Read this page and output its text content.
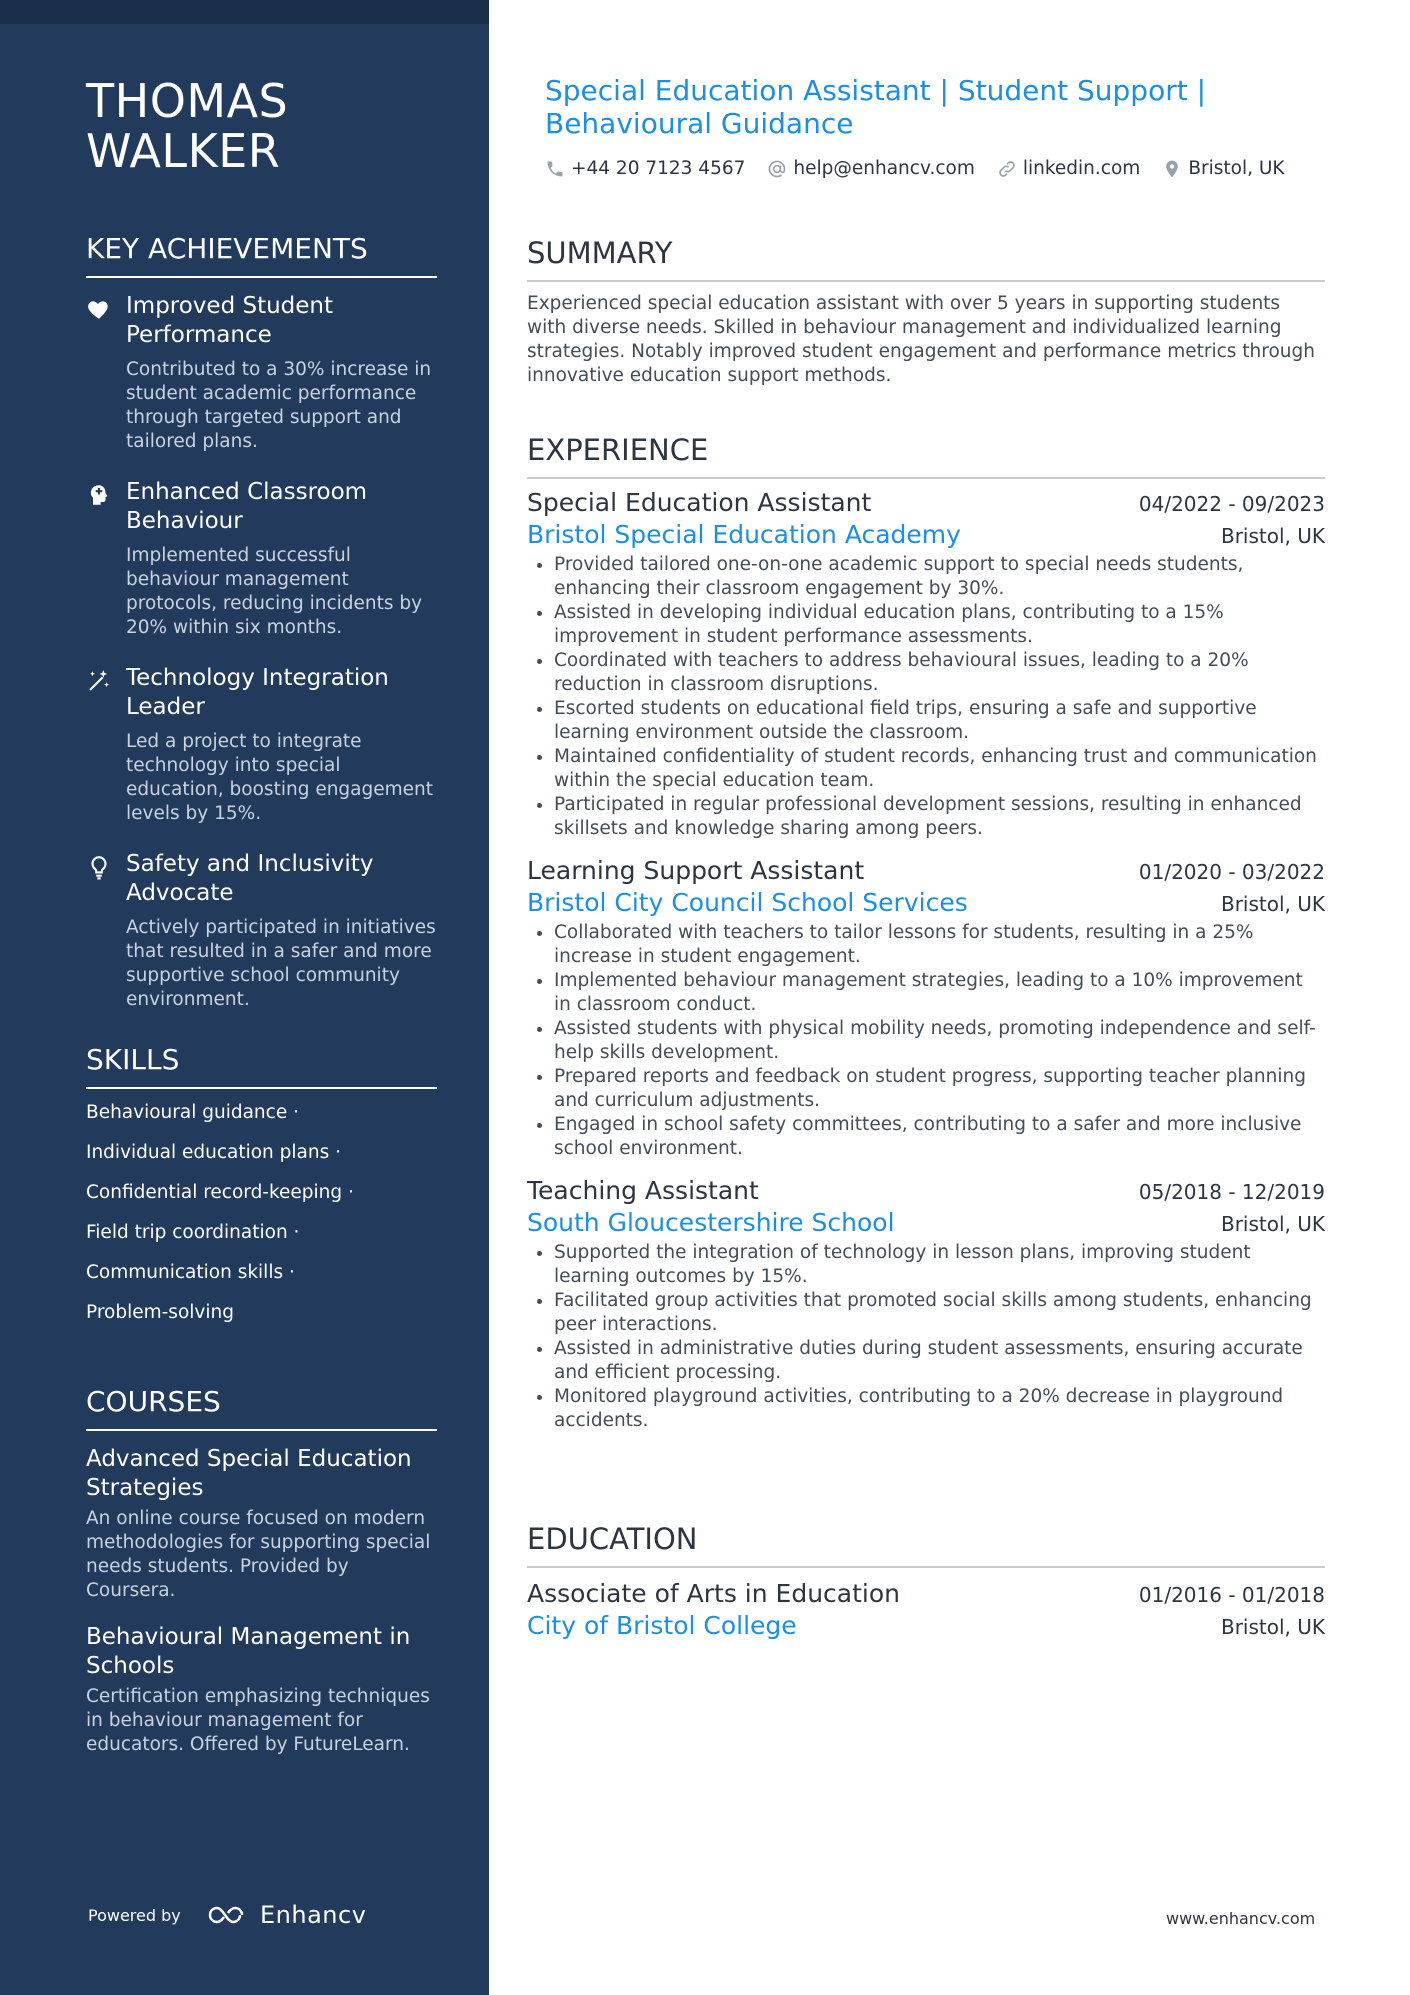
THOMAS WALKER
KEY ACHIEVEMENTS
Improved Student Performance
Contributed to a 30% increase in student academic performance through targeted support and tailored plans.
Enhanced Classroom Behaviour
Implemented successful behaviour management protocols, reducing incidents by 20% within six months.
Technology Integration Leader
Led a project to integrate technology into special education, boosting engagement levels by 15%.
Safety and Inclusivity Advocate
Actively participated in initiatives that resulted in a safer and more supportive school community environment.
SKILLS
Behavioural guidance ·
Individual education plans ·
Confidential record-keeping ·
Field trip coordination ·
Communication skills ·
Problem-solving
COURSES
Advanced Special Education Strategies
An online course focused on modern methodologies for supporting special needs students. Provided by Coursera.
Behavioural Management in Schools
Certification emphasizing techniques in behaviour management for educators. Offered by FutureLearn.
Powered by	Enhancv
Special Education Assistant | Student Support | Behavioural Guidance
+44 20 7123 4567	help@enhancv.com	linkedin.com	Bristol, UK
SUMMARY
Experienced special education assistant with over 5 years in supporting students with diverse needs. Skilled in behaviour management and individualized learning strategies. Notably improved student engagement and performance metrics through innovative education support methods.
EXPERIENCE
Special Education Assistant	04/2022 - 09/2023
Bristol Special Education Academy	Bristol, UK
• Provided tailored one-on-one academic support to special needs students, enhancing their classroom engagement by 30%.
• Assisted in developing individual education plans, contributing to a 15% improvement in student performance assessments.
• Coordinated with teachers to address behavioural issues, leading to a 20% reduction in classroom disruptions.
• Escorted students on educational field trips, ensuring a safe and supportive learning environment outside the classroom.
• Maintained confidentiality of student records, enhancing trust and communication within the special education team.
• Participated in regular professional development sessions, resulting in enhanced skillsets and knowledge sharing among peers.
Learning Support Assistant	01/2020 - 03/2022
Bristol City Council School Services	Bristol, UK
• Collaborated with teachers to tailor lessons for students, resulting in a 25% increase in student engagement.
• Implemented behaviour management strategies, leading to a 10% improvement in classroom conduct.
• Assisted students with physical mobility needs, promoting independence and self-help skills development.
• Prepared reports and feedback on student progress, supporting teacher planning and curriculum adjustments.
• Engaged in school safety committees, contributing to a safer and more inclusive school environment.
Teaching Assistant	05/2018 - 12/2019
South Gloucestershire School	Bristol, UK
• Supported the integration of technology in lesson plans, improving student learning outcomes by 15%.
• Facilitated group activities that promoted social skills among students, enhancing peer interactions.
• Assisted in administrative duties during student assessments, ensuring accurate and efficient processing.
• Monitored playground activities, contributing to a 20% decrease in playground accidents.
EDUCATION
Associate of Arts in Education	01/2016 - 01/2018
City of Bristol College	Bristol, UK
www.enhancv.com
